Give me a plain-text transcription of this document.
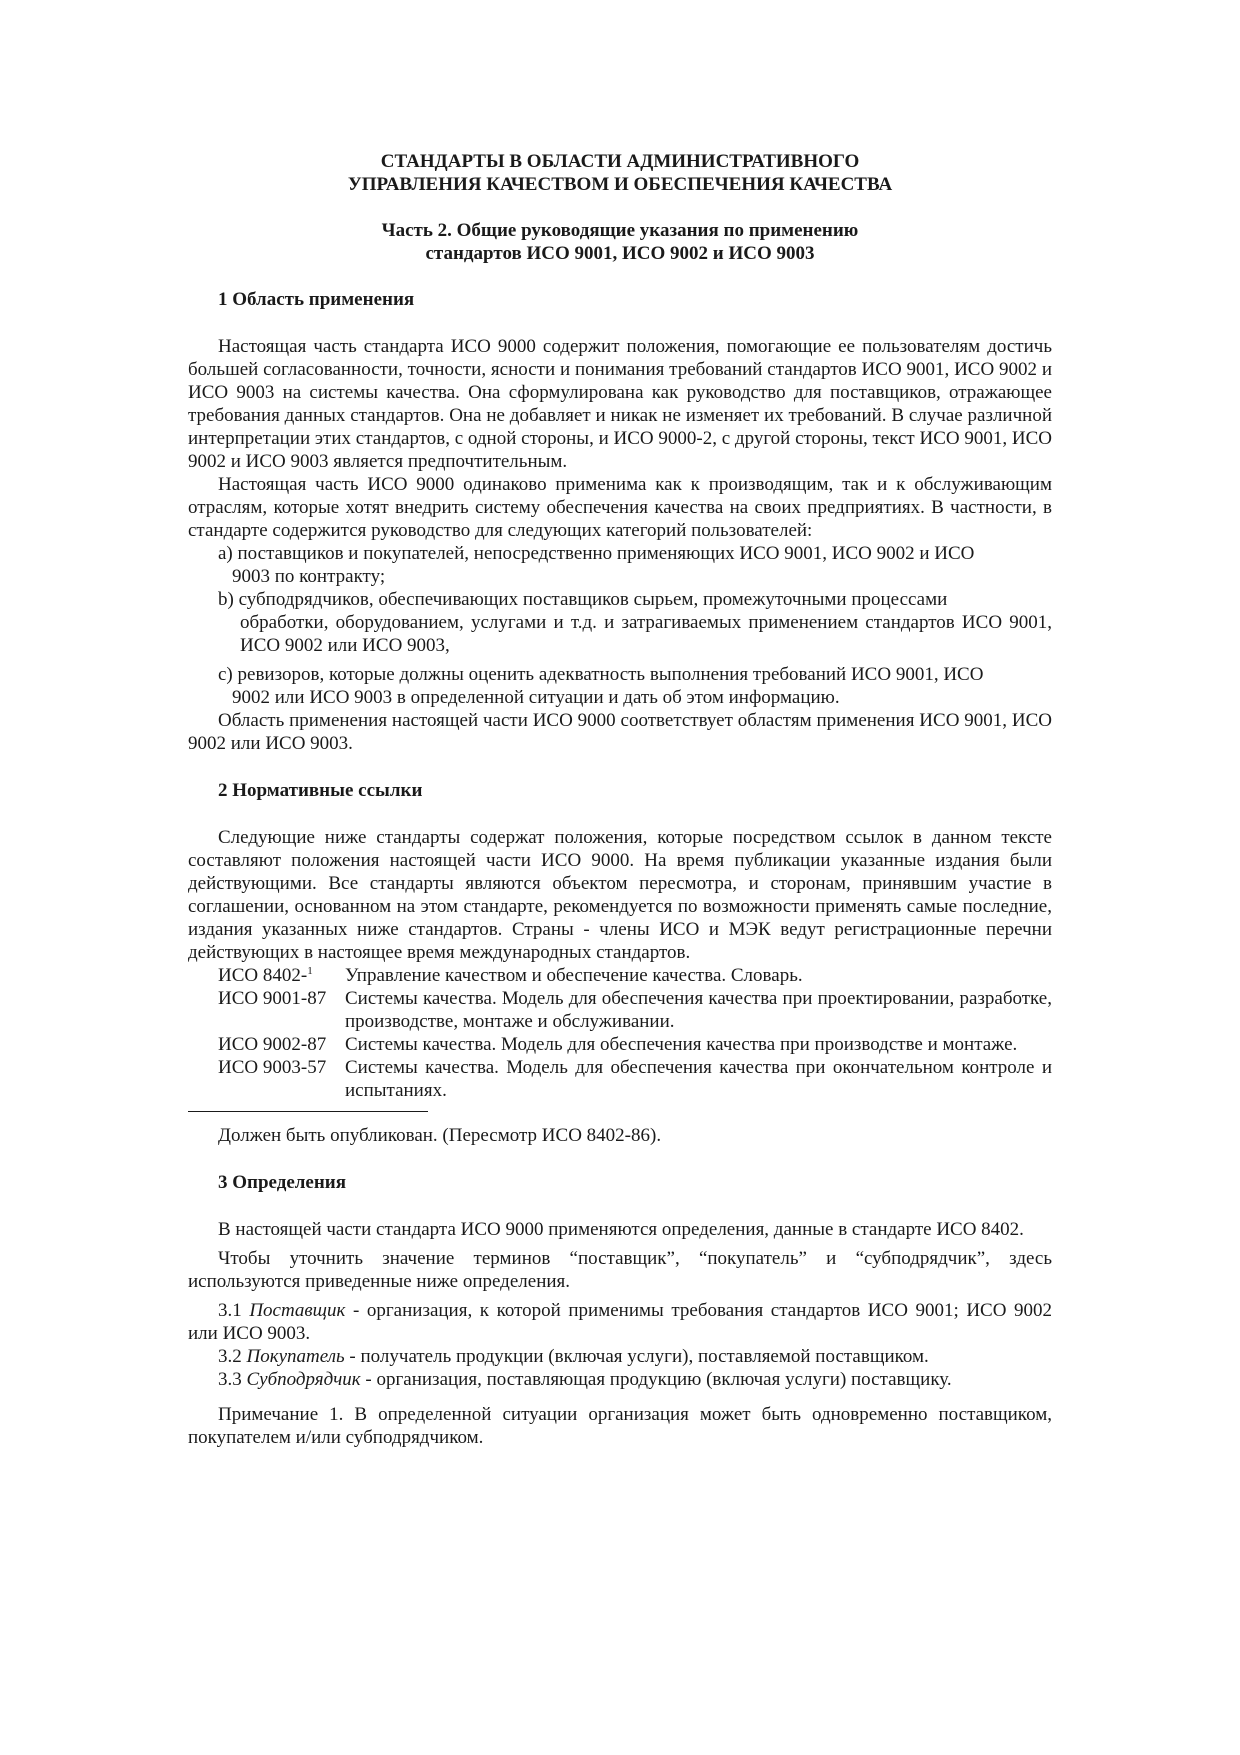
СТАНДАРТЫ В ОБЛАСТИ АДМИНИСТРАТИВНОГО
УПРАВЛЕНИЯ КАЧЕСТВОМ И ОБЕСПЕЧЕНИЯ КАЧЕСТВА
Часть 2. Общие руководящие указания по применению
стандартов ИСО 9001, ИСО 9002 и ИСО 9003
1 Область применения

Настоящая часть стандарта ИСО 9000 содержит положения, помогающие ее пользователям достичь большей согласованности, точности, ясности и понимания требований стандартов ИСО 9001, ИСО 9002 и ИСО 9003 на системы качества. Она сформулирована как руководство для поставщиков, отражающее требования данных стандартов. Она не добавляет и никак не изменяет их требований. В случае различной интерпретации этих стандартов, с одной стороны, и ИСО 9000-2, с другой стороны, текст ИСО 9001, ИСО 9002 и ИСО 9003 является предпочтительным.

Настоящая часть ИСО 9000 одинаково применима как к производящим, так и к обслуживающим отраслям, которые хотят внедрить систему обеспечения качества на своих предприятиях. В частности, в стандарте содержится руководство для следующих категорий пользователей:

а) поставщиков и покупателей, непосредственно применяющих ИСО 9001, ИСО 9002 и ИСО
9003 по контракту;
b) субподрядчиков, обеспечивающих поставщиков сырьем, промежуточными процессами
обработки, оборудованием, услугами и т.д. и затрагиваемых применением стандартов ИСО 9001, ИСО 9002 или ИСО 9003,
c) ревизоров, которые должны оценить адекватность выполнения требований ИСО 9001, ИСО
9002 или ИСО 9003 в определенной ситуации и дать об этом информацию.

Область применения настоящей части ИСО 9000 соответствует областям применения ИСО 9001, ИСО 9002 или ИСО 9003.

2 Нормативные ссылки

Следующие ниже стандарты содержат положения, которые посредством ссылок в данном тексте составляют положения настоящей части ИСО 9000. На время публикации указанные издания были действующими. Все стандарты являются объектом пересмотра, и сторонам, принявшим участие в соглашении, основанном на этом стандарте, рекомендуется по возможности применять самые последние, издания указанных ниже стандартов. Страны - члены ИСО и МЭК ведут регистрационные перечни действующих в настоящее время международных стандартов.

ИСО 8402-$^1$	Управление качеством и обеспечение качества. Словарь.
ИСО 9001-87 Системы качества. Модель для обеспечения качества при проектировании, разработке, производстве, монтаже и обслуживании.
ИСО 9002-87 Системы качества. Модель для обеспечения качества при производстве и монтаже.
ИСО 9003-57 Системы качества. Модель для обеспечения качества при окончательном контроле и испытаниях.
Должен быть опубликован. (Пересмотр ИСО 8402-86).
3 Определения

В настоящей части стандарта ИСО 9000 применяются определения, данные в стандарте ИСО 8402.

Чтобы уточнить значение терминов “поставщик”, “покупатель” и “субподрядчик”, здесь используются приведенные ниже определения.

3.1 Поставщик - организация, к которой применимы требования стандартов ИСО 9001; ИСО 9002 или ИСО 9003.

3.2 Покупатель - получатель продукции (включая услуги), поставляемой поставщиком.

3.3 Субподрядчик - организация, поставляющая продукцию (включая услуги) поставщику.

Примечание 1. В определенной ситуации организация может быть одновременно поставщиком, покупателем и/или субподрядчиком.
